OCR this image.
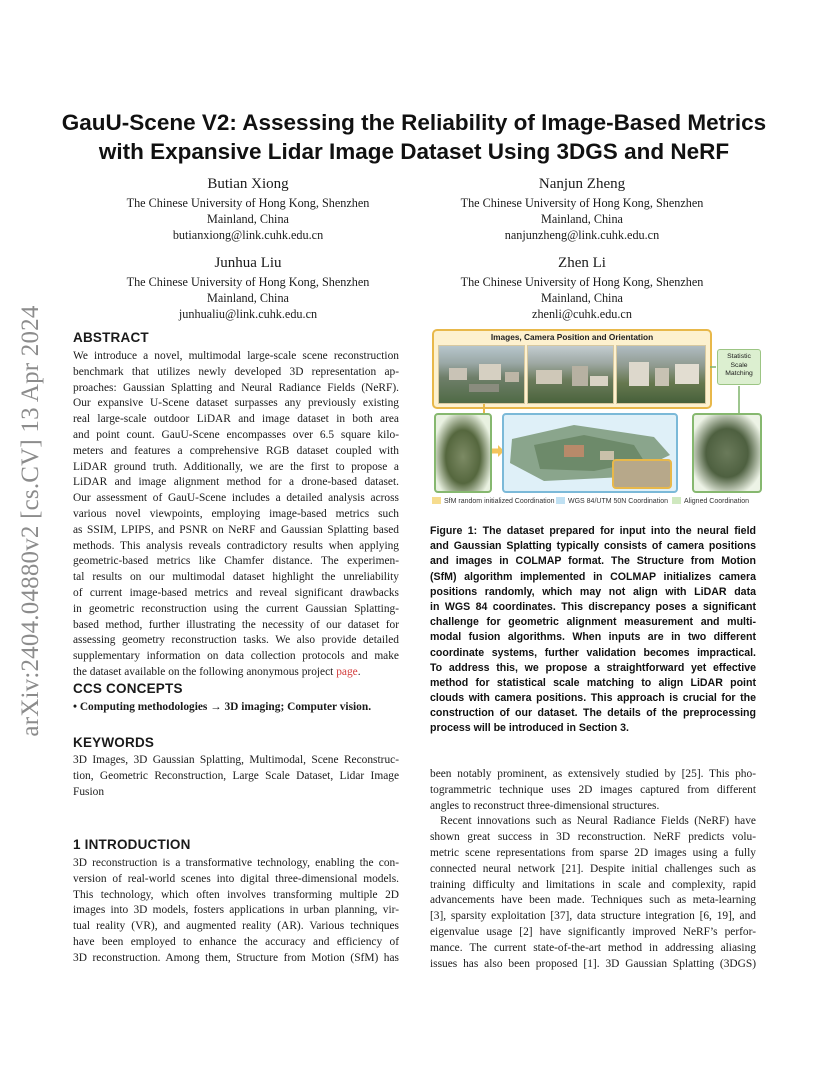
arXiv:2404.04880v2 [cs.CV] 13 Apr 2024
GauU-Scene V2: Assessing the Reliability of Image-Based Metrics
with Expansive Lidar Image Dataset Using 3DGS and NeRF
Butian Xiong
The Chinese University of Hong Kong, Shenzhen
Mainland, China
butianxiong@link.cuhk.edu.cn
Nanjun Zheng
The Chinese University of Hong Kong, Shenzhen
Mainland, China
nanjunzheng@link.cuhk.edu.cn
Junhua Liu
The Chinese University of Hong Kong, Shenzhen
Mainland, China
junhualiu@link.cuhk.edu.cn
Zhen Li
The Chinese University of Hong Kong, Shenzhen
Mainland, China
zhenli@cuhk.edu.cn
ABSTRACT
We introduce a novel, multimodal large-scale scene reconstruction
benchmark that utilizes newly developed 3D representation ap-
proaches: Gaussian Splatting and Neural Radiance Fields (NeRF).
Our expansive U-Scene dataset surpasses any previously existing
real large-scale outdoor LiDAR and image dataset in both area
and point count. GauU-Scene encompasses over 6.5 square kilo-
meters and features a comprehensive RGB dataset coupled with
LiDAR ground truth. Additionally, we are the first to propose a
LiDAR and image alignment method for a drone-based dataset.
Our assessment of GauU-Scene includes a detailed analysis across
various novel viewpoints, employing image-based metrics such
as SSIM, LPIPS, and PSNR on NeRF and Gaussian Splatting based
methods. This analysis reveals contradictory results when applying
geometric-based metrics like Chamfer distance. The experimen-
tal results on our multimodal dataset highlight the unreliability
of current image-based metrics and reveal significant drawbacks
in geometric reconstruction using the current Gaussian Splatting-
based method, further illustrating the necessity of our dataset for
assessing geometry reconstruction tasks. We also provide detailed
supplementary information on data collection protocols and make
the dataset available on the following anonymous project page.
CCS CONCEPTS
• Computing methodologies → 3D imaging; Computer vision.
KEYWORDS
3D Images, 3D Gaussian Splatting, Multimodal, Scene Reconstruc-
tion, Geometric Reconstruction, Large Scale Dataset, Lidar Image
Fusion
1 INTRODUCTION
3D reconstruction is a transformative technology, enabling the con-
version of real-world scenes into digital three-dimensional models.
This technology, which often involves transforming multiple 2D
images into 3D models, fosters applications in urban planning, vir-
tual reality (VR), and augmented reality (AR). Various techniques
have been employed to enhance the accuracy and efficiency of
3D reconstruction. Among them, Structure from Motion (SfM) has
been notably prominent, as extensively studied by [25]. This pho-
togrammetric technique uses 2D images captured from different
angles to reconstruct three-dimensional structures.
Recent innovations such as Neural Radiance Fields (NeRF) have
shown great success in 3D reconstruction. NeRF predicts volu-
metric scene representations from sparse 2D images using a fully
connected neural network [21]. Despite initial challenges such as
training difficulty and limitations in scale and complexity, rapid
advancements have been made. Techniques such as meta-learning
[3], sparsity exploitation [37], data structure integration [6, 19], and
eigenvalue usage [2] have significantly improved NeRF’s perfor-
mance. The current state-of-the-art method in addressing aliasing
issues has also been proposed [1]. 3D Gaussian Splatting (3DGS)
Images, Camera Position and Orientation
Statistic
Scale
Matching
SfM random initialized Coordination	WGS 84/UTM 50N Coordination	Aligned Coordination
Figure 1: The dataset prepared for input into the neural field
and Gaussian Splatting typically consists of camera positions
and images in COLMAP format. The Structure from Motion
(SfM) algorithm implemented in COLMAP initializes camera
positions randomly, which may not align with LiDAR data
in WGS 84 coordinates. This discrepancy poses a significant
challenge for geometric alignment measurement and multi-
modal fusion algorithms. When inputs are in two different
coordinate systems, further validation becomes impractical.
To address this, we propose a straightforward yet effective
method for statistical scale matching to align LiDAR point
clouds with camera positions. This approach is crucial for the
construction of our dataset. The details of the preprocessing
process will be introduced in Section 3.
